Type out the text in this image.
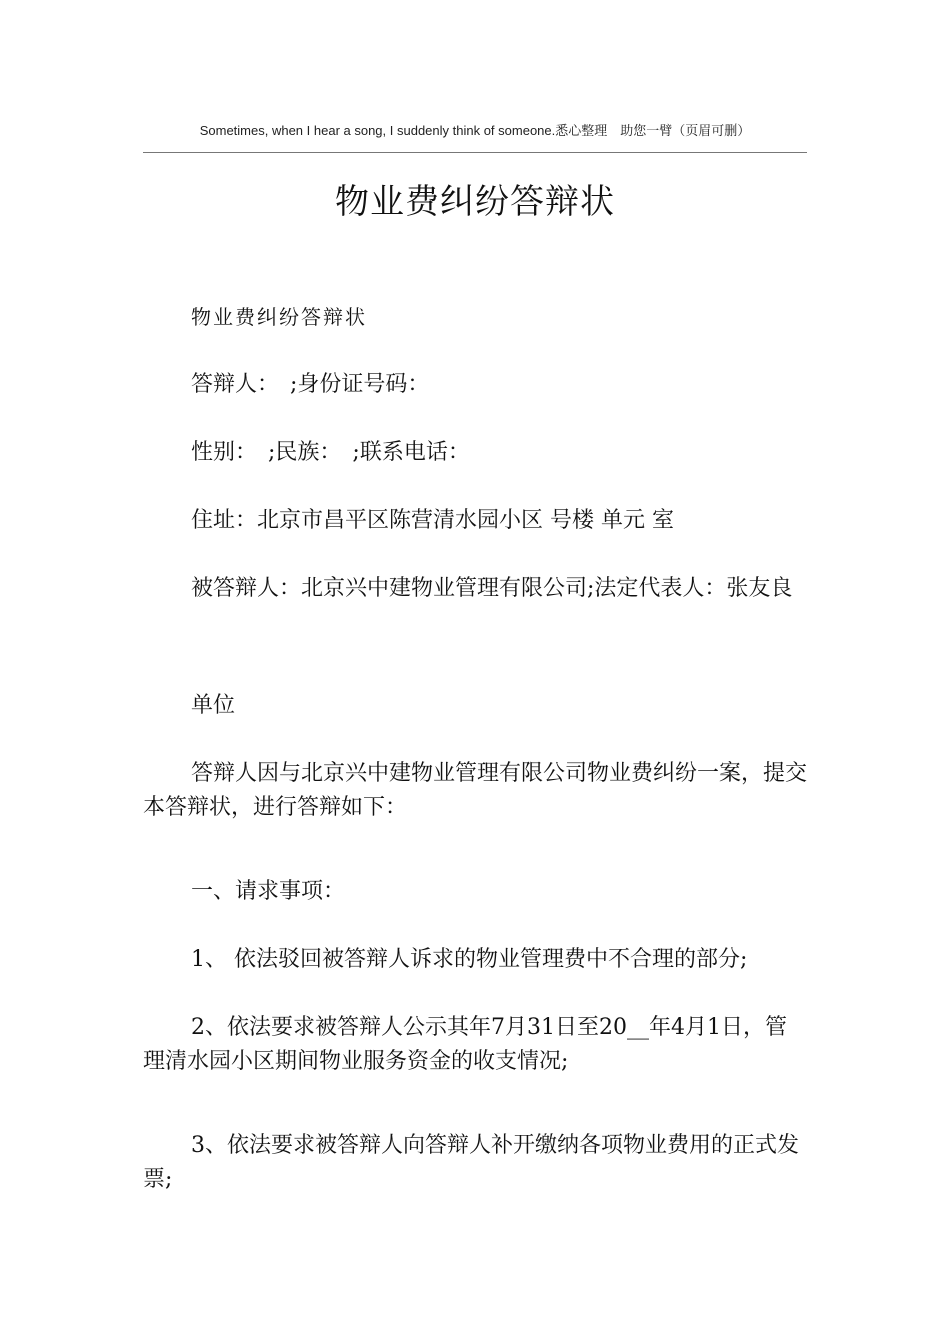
Sometimes, when I hear a song, I suddenly think of someone.悉心整理　助您一臂（页眉可删）
物业费纠纷答辩状

物业费纠纷答辩状

答辩人：　;身份证号码：

性别：　;民族：　;联系电话：

住址：北京市昌平区陈营清水园小区 号楼 单元 室

被答辩人：北京兴中建物业管理有限公司;法定代表人：张友良

单位

答辩人因与北京兴中建物业管理有限公司物业费纠纷一案，提交本答辩状，进行答辩如下：

一、请求事项：

1、 依法驳回被答辩人诉求的物业管理费中不合理的部分;

2、依法要求被答辩人公示其年7月31日至20__年4月1日，管理清水园小区期间物业服务资金的收支情况;

3、依法要求被答辩人向答辩人补开缴纳各项物业费用的正式发票;
